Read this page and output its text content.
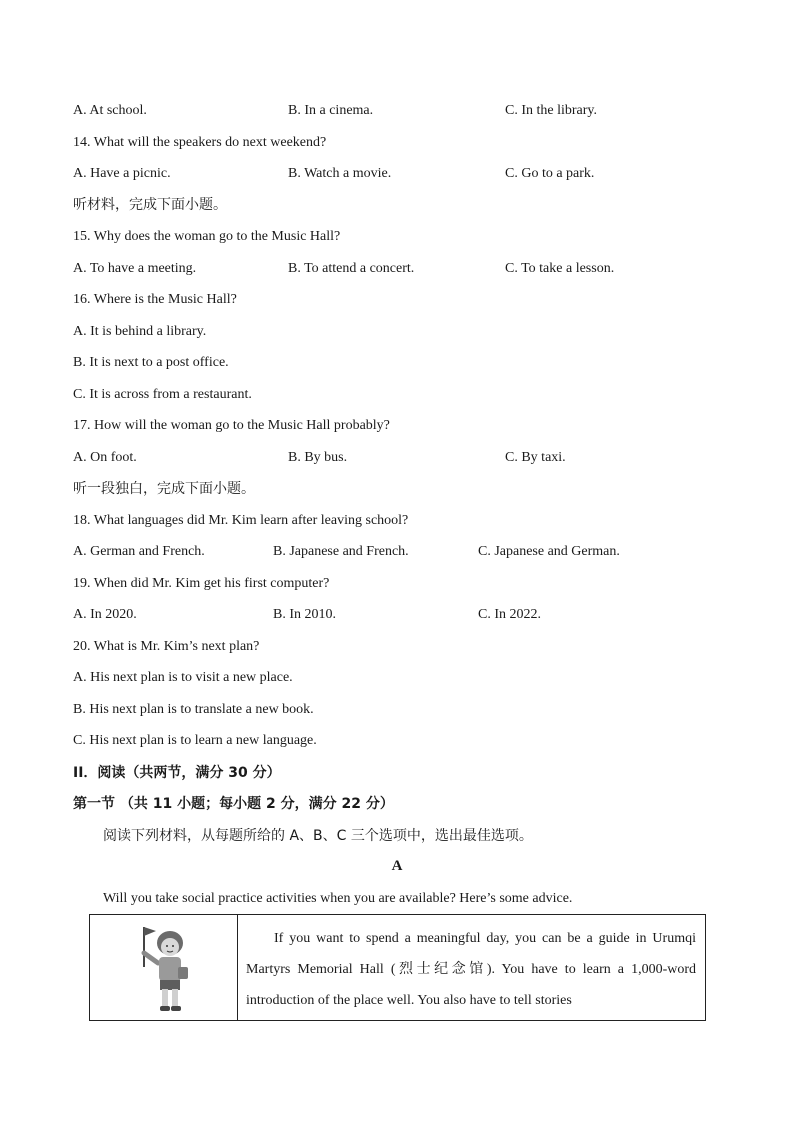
A. At school.	B. In a cinema.	C. In the library.
14. What will the speakers do next weekend?
A. Have a picnic.	B. Watch a movie.	C. Go to a park.
听材料，完成下面小题。
15. Why does the woman go to the Music Hall?
A. To have a meeting.	B. To attend a concert.	C. To take a lesson.
16. Where is the Music Hall?
A. It is behind a library.
B. It is next to a post office.
C. It is across from a restaurant.
17. How will the woman go to the Music Hall probably?
A. On foot.	B. By bus.	C. By taxi.
听一段独白，完成下面小题。
18. What languages did Mr. Kim learn after leaving school?
A. German and French.	B. Japanese and French.	C. Japanese and German.
19. When did Mr. Kim get his first computer?
A. In 2020.	B. In 2010.	C. In 2022.
20. What is Mr. Kim’s next plan?
A. His next plan is to visit a new place.
B. His next plan is to translate a new book.
C. His next plan is to learn a new language.
II．阅读（共两节，满分 30 分）
第一节 （共 11 小题；每小题 2 分，满分 22 分）
阅读下列材料，从每题所给的 A、B、C 三个选项中，选出最佳选项。
A
Will you take social practice activities when you are available? Here’s some advice.
If you want to spend a meaningful day, you can be a guide in Urumqi Martyrs Memorial Hall (烈士纪念馆). You have to learn a 1,000-word introduction of the place well. You also have to tell stories
